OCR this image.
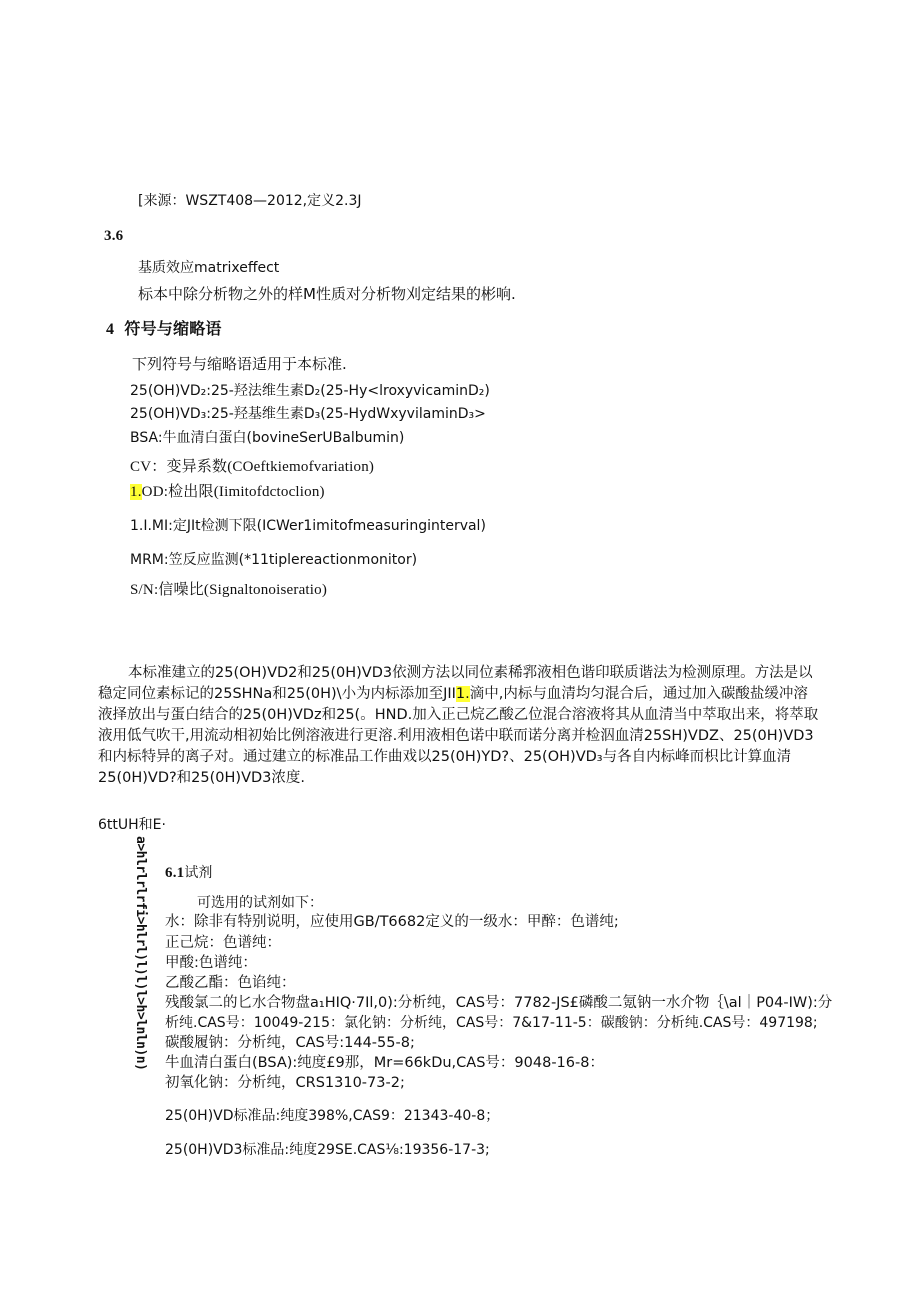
[来源：WSZT408—2012,定义2.3J
3.6
基质效应matrixeffect
标本中除分析物之外的样M性质对分析物刈定结果的彬响.
4 符号与缩略语
下列符号与缩略语适用于本标准.
25(OH)VD₂:25-羟法维生素D₂(25-Hy<lroxyvicaminD₂)
25(OH)VD₃:25-羟基维生素D₃(25-HydWxyvilaminD₃>
BSA:牛血清白蛋白(bovineSerUBalbumin)
CV：变异系数(COeftkiemofvariation)
1.OD:检出限(Iimitofdctoclion)
1.I.MI:定JIt检测下限(ICWer1imitofmeasuringinterval)
MRM:笠反应监测(*11tiplereactionmonitor)
S/N:信噪比(Signaltonoiseratio)
本标准建立的25(OH)VD2和25(0H)VD3依测方法以同位素稀郛液相色谐印联质谐法为检测原理。方法是以
稳定同位素标记的25SHNa和25(0H)\小为内标添加至JII1.滴中,内标与血清均匀混合后，通过加入碳酸盐缓冲溶
液择放出与蛋白结合的25(0H)VDz和25(。HND.加入正己烷乙酸乙位混合溶液将其从血清当中萃取出来，将萃取
液用低气吹干,用流动相初始比例溶液进行更溶.利用液相色诺中联而诺分离并检泅血清25SH)VDZ、25(0H)VD3
和内标特异的离子对。通过建立的标准品工作曲戏以25(0H)YD?、25(OH)VD₃与各自内标峰而枳比计算血清
25(0H)VD?和25(0H)VD3浓度.
6ttUH和E·
a>hlrlrlrfi>hlrl)l)l)l>h>lnln)n) 6.1试剂
可选用的试剂如下：
水：除非有特别说明，应使用GB/T6682定义的一级水：甲醉：色谱纯;
正己烷：色谱纯：
甲酸:色谱纯：
乙酸乙酯：色谄纯：
残酸氯二的匕水合物盘a₁HIQ·7Il,0):分析纯，CAS号：7782-JS£磷酸二氪钠一水介物｛\al｜P04-IW):分
析纯.CAS号：10049-215：氯化钠：分析纯，CAS号：7&17-11-5：碳酸钠：分析纯.CAS号：497198;
碳酸履钠：分析纯，CAS号:144-55-8;
牛血清白蛋白(BSA):纯度£9那，Mr=66kDu,CAS号：9048-16-8：
初氧化钠：分析纯，CRS1310-73-2;
25(0H)VD标准品:纯度398%,CAS9：21343-40-8；
25(0H)VD3标准品:纯度29SE.CAS⅛:19356-17-3;
